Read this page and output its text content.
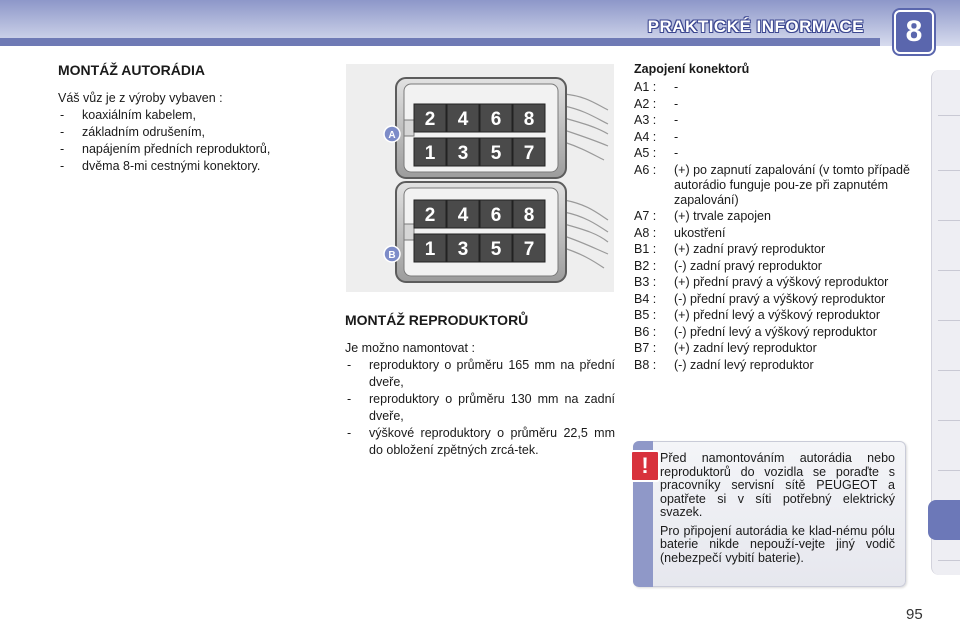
PRAKTICKÉ INFORMACE	8
MONTÁŽ AUTORÁDIA

Váš vůz je z výroby vybaven :

- koaxiálním kabelem,
- základním odrušením,
- napájením předních reproduktorů,
- dvěma 8-mi cestnými konektory.
2 4 6 8
1 3 5 7
A
2 4 6 8
1 3 5 7
B
MONTÁŽ REPRODUKTORŮ

Je možno namontovat :

- reproduktory o průměru 165 mm na přední dveře,
- reproduktory o průměru 130 mm na zadní dveře,
- výškové reproduktory o průměru 22,5 mm do obložení zpětných zrcá-tek.
Zapojení konektorů
A1 :	-
A2 :	-
A3 :	-
A4 :	-
A5 :	-
A6 :	(+) po zapnutí zapalování (v tomto případě autorádio funguje pou-ze při zapnutém zapalování)
A7 :	(+) trvale zapojen
A8 :	ukostření
B1 :	(+) zadní pravý reproduktor
B2 :	(-) zadní pravý reproduktor
B3 :	(+) přední pravý a výškový reproduktor
B4 :	(-) přední pravý a výškový reproduktor
B5 :	(+) přední levý a výškový reproduktor
B6 :	(-) přední levý a výškový reproduktor
B7 :	(+) zadní levý reproduktor
B8 :	(-) zadní levý reproduktor
! Před namontováním autorádia nebo reproduktorů do vozidla se poraďte s pracovníky servisní sítě PEUGEOT a opatřete si v síti potřebný elektrický svazek.

Pro připojení autorádia ke klad-nému pólu baterie nikde nepouží-vejte jiný vodič (nebezpečí vybití baterie).

95
